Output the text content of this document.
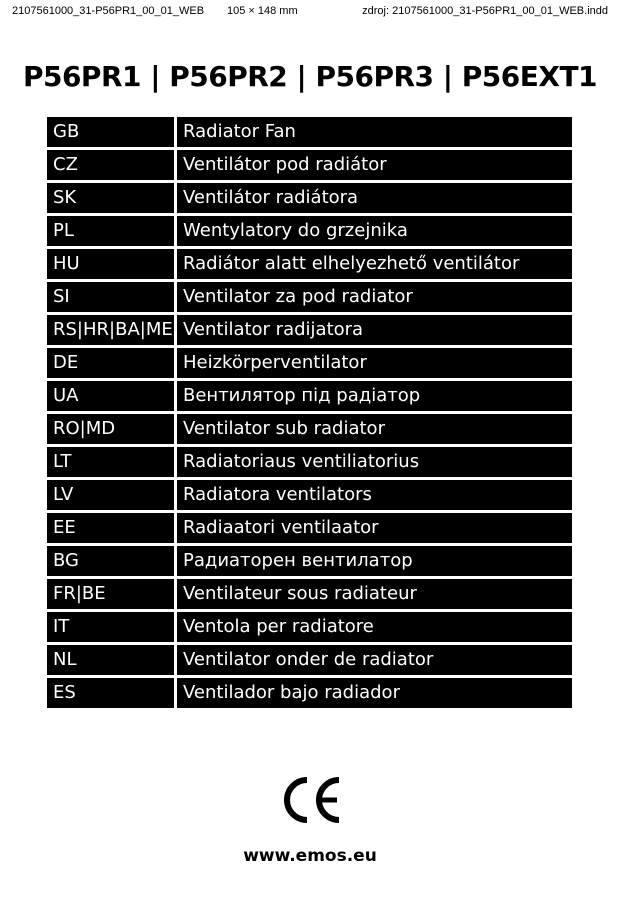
2107561000_31-P56PR1_00_01_WEB 105 × 148 mm	zdroj: 2107561000_31-P56PR1_00_01_WEB.indd
P56PR1 | P56PR2 | P56PR3 | P56EXT1
GB	Radiator Fan
CZ	Ventilátor pod radiátor
SK	Ventilátor radiátora
PL	Wentylatory do grzejnika
HU	Radiátor alatt elhelyezhető ventilátor
SI	Ventilator za pod radiator
RS|HR|BA|ME Ventilator radijatora
DE	Heizkörperventilator
UA	Вентилятор під радіатор
RO|MD	Ventilator sub radiator
LT	Radiatoriaus ventiliatorius
LV	Radiatora ventilators
EE	Radiaatori ventilaator
BG	Радиаторен вентилатор
FR|BE	Ventilateur sous radiateur
IT	Ventola per radiatore
NL	Ventilator onder de radiator
ES	Ventilador bajo radiador
www.emos.eu
